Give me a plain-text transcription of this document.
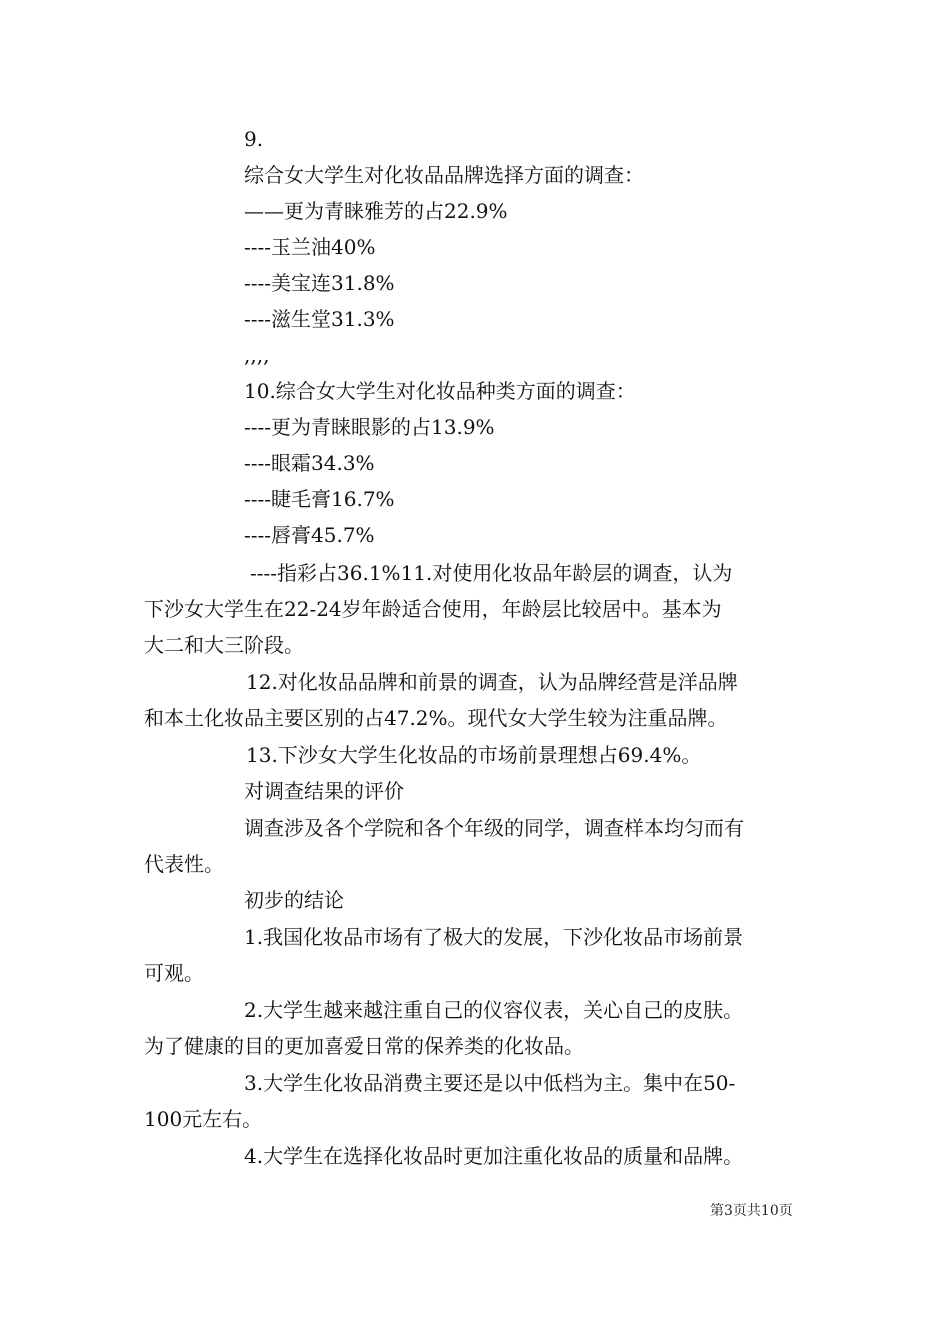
9.
综合女大学生对化妆品品牌选择方面的调查：
——更为青睐雅芳的占22.9%
----玉兰油40%
----美宝连31.8%
----滋生堂31.3%
,,,,
10.综合女大学生对化妆品种类方面的调查：
----更为青睐眼影的占13.9%
----眼霜34.3%
----睫毛膏16.7%
----唇膏45.7%
----指彩占36.1%11.对使用化妆品年龄层的调查，认为
下沙女大学生在22-24岁年龄适合使用，年龄层比较居中。基本为
大二和大三阶段。
12.对化妆品品牌和前景的调查，认为品牌经营是洋品牌
和本土化妆品主要区别的占47.2%。现代女大学生较为注重品牌。
13.下沙女大学生化妆品的市场前景理想占69.4%。
对调查结果的评价
调查涉及各个学院和各个年级的同学，调查样本均匀而有
代表性。
初步的结论
1.我国化妆品市场有了极大的发展，下沙化妆品市场前景
可观。
2.大学生越来越注重自己的仪容仪表，关心自己的皮肤。
为了健康的目的更加喜爱日常的保养类的化妆品。
3.大学生化妆品消费主要还是以中低档为主。集中在50-
100元左右。
4.大学生在选择化妆品时更加注重化妆品的质量和品牌。
第3页共10页
